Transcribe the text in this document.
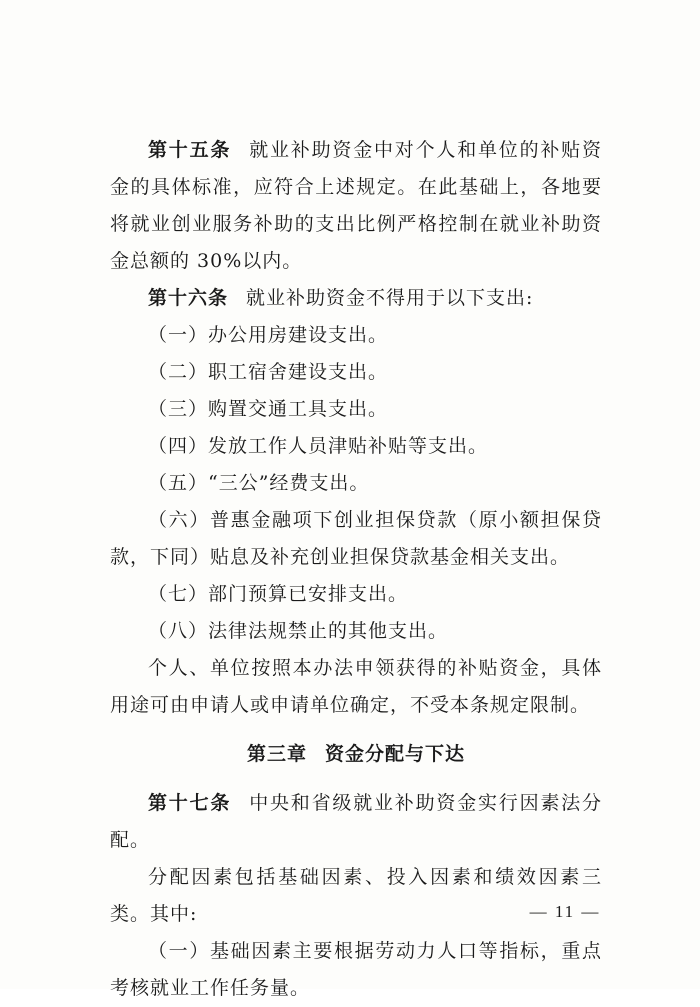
第十五条 就业补助资金中对个人和单位的补贴资金的具体标准，应符合上述规定。在此基础上，各地要将就业创业服务补助的支出比例严格控制在就业补助资金总额的 30%以内。

第十六条 就业补助资金不得用于以下支出:

（一）办公用房建设支出。

（二）职工宿舍建设支出。

（三）购置交通工具支出。

（四）发放工作人员津贴补贴等支出。

（五）“三公”经费支出。

（六）普惠金融项下创业担保贷款（原小额担保贷款，下同）贴息及补充创业担保贷款基金相关支出。

（七）部门预算已安排支出。

（八）法律法规禁止的其他支出。

个人、单位按照本办法申领获得的补贴资金，具体用途可由申请人或申请单位确定，不受本条规定限制。

第三章 资金分配与下达

第十七条 中央和省级就业补助资金实行因素法分配。

分配因素包括基础因素、投入因素和绩效因素三类。其中:

（一）基础因素主要根据劳动力人口等指标，重点考核就业工作任务量。

— 11 —
